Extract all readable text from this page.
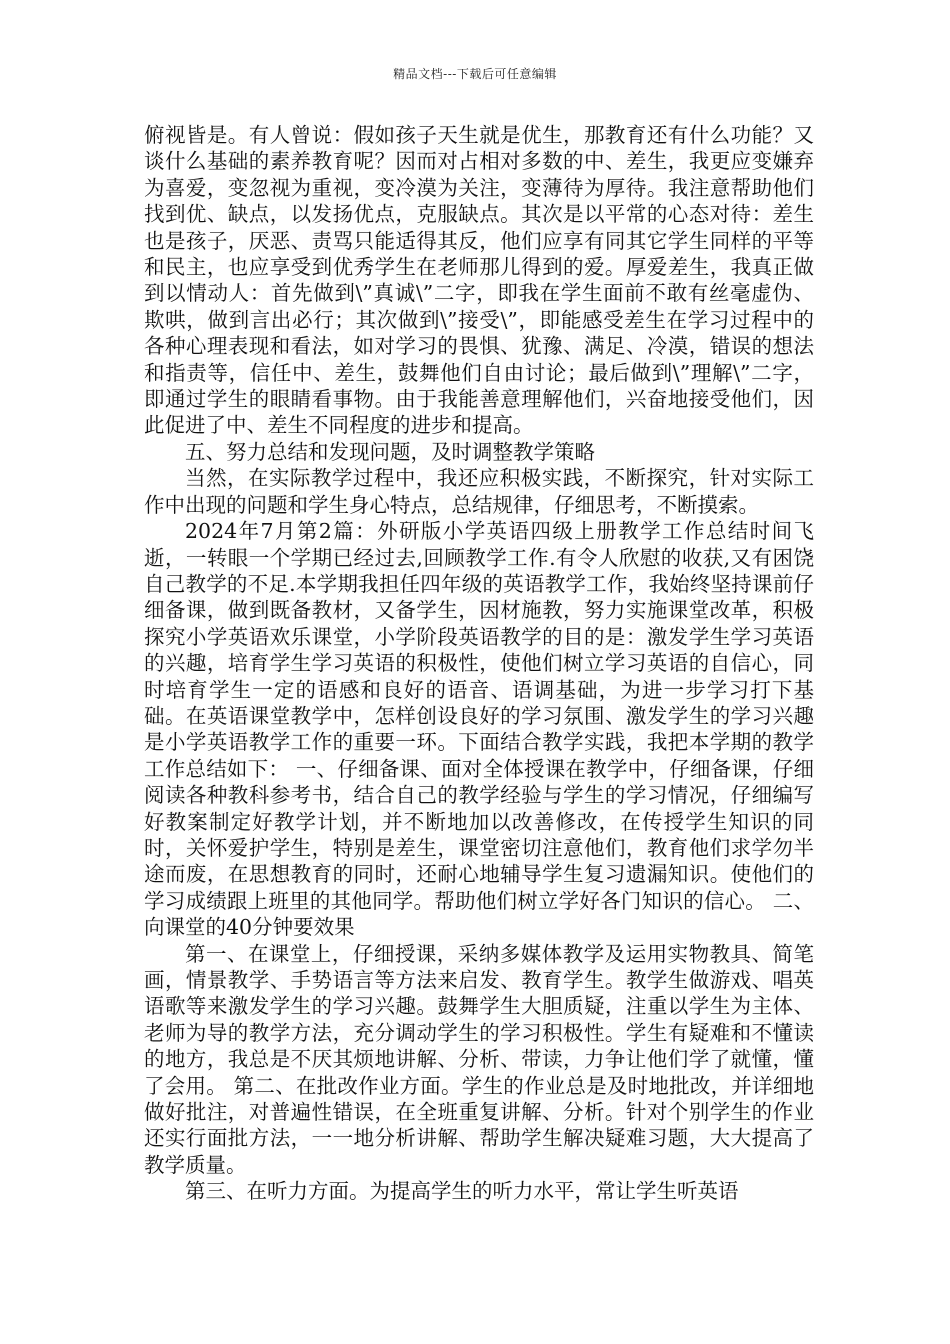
精品文档---下载后可任意编辑

俯视皆是。有人曾说：假如孩子天生就是优生，那教育还有什么功能？又谈什么基础的素养教育呢？因而对占相对多数的中、差生，我更应变嫌弃为喜爱，变忽视为重视，变冷漠为关注，变薄待为厚待。我注意帮助他们找到优、缺点，以发扬优点，克服缺点。其次是以平常的心态对待：差生也是孩子，厌恶、责骂只能适得其反，他们应享有同其它学生同样的平等和民主，也应享受到优秀学生在老师那儿得到的爱。厚爱差生，我真正做到以情动人：首先做到\”真诚\”二字，即我在学生面前不敢有丝毫虚伪、欺哄，做到言出必行；其次做到\”接受\”，即能感受差生在学习过程中的各种心理表现和看法，如对学习的畏惧、犹豫、满足、冷漠，错误的想法和指责等，信任中、差生，鼓舞他们自由讨论；最后做到\”理解\”二字，即通过学生的眼睛看事物。由于我能善意理解他们，兴奋地接受他们，因此促进了中、差生不同程度的进步和提高。

五、努力总结和发现问题，及时调整教学策略

当然，在实际教学过程中，我还应积极实践，不断探究，针对实际工作中出现的问题和学生身心特点，总结规律，仔细思考，不断摸索。

2024年7月第2篇：外研版小学英语四级上册教学工作总结时间飞逝，一转眼一个学期已经过去,回顾教学工作.有令人欣慰的收获,又有困饶自己教学的不足.本学期我担任四年级的英语教学工作，我始终坚持课前仔细备课，做到既备教材，又备学生，因材施教，努力实施课堂改革，积极探究小学英语欢乐课堂，小学阶段英语教学的目的是：激发学生学习英语的兴趣，培育学生学习英语的积极性，使他们树立学习英语的自信心，同时培育学生一定的语感和良好的语音、语调基础，为进一步学习打下基础。在英语课堂教学中，怎样创设良好的学习氛围、激发学生的学习兴趣是小学英语教学工作的重要一环。下面结合教学实践，我把本学期的教学工作总结如下： 一、仔细备课、面对全体授课在教学中，仔细备课，仔细阅读各种教科参考书，结合自己的教学经验与学生的学习情况，仔细编写好教案制定好教学计划，并不断地加以改善修改，在传授学生知识的同时，关怀爱护学生，特别是差生，课堂密切注意他们，教育他们求学勿半途而废，在思想教育的同时，还耐心地辅导学生复习遗漏知识。使他们的学习成绩跟上班里的其他同学。帮助他们树立学好各门知识的信心。 二、向课堂的40分钟要效果

第一、在课堂上，仔细授课，采纳多媒体教学及运用实物教具、简笔画，情景教学、手势语言等方法来启发、教育学生。教学生做游戏、唱英语歌等来激发学生的学习兴趣。鼓舞学生大胆质疑，注重以学生为主体、老师为导的教学方法，充分调动学生的学习积极性。学生有疑难和不懂读的地方，我总是不厌其烦地讲解、分析、带读，力争让他们学了就懂，懂了会用。 第二、在批改作业方面。学生的作业总是及时地批改，并详细地做好批注，对普遍性错误，在全班重复讲解、分析。针对个别学生的作业还实行面批方法，一一地分析讲解、帮助学生解决疑难习题，大大提高了教学质量。

第三、在听力方面。为提高学生的听力水平，常让学生听英语
